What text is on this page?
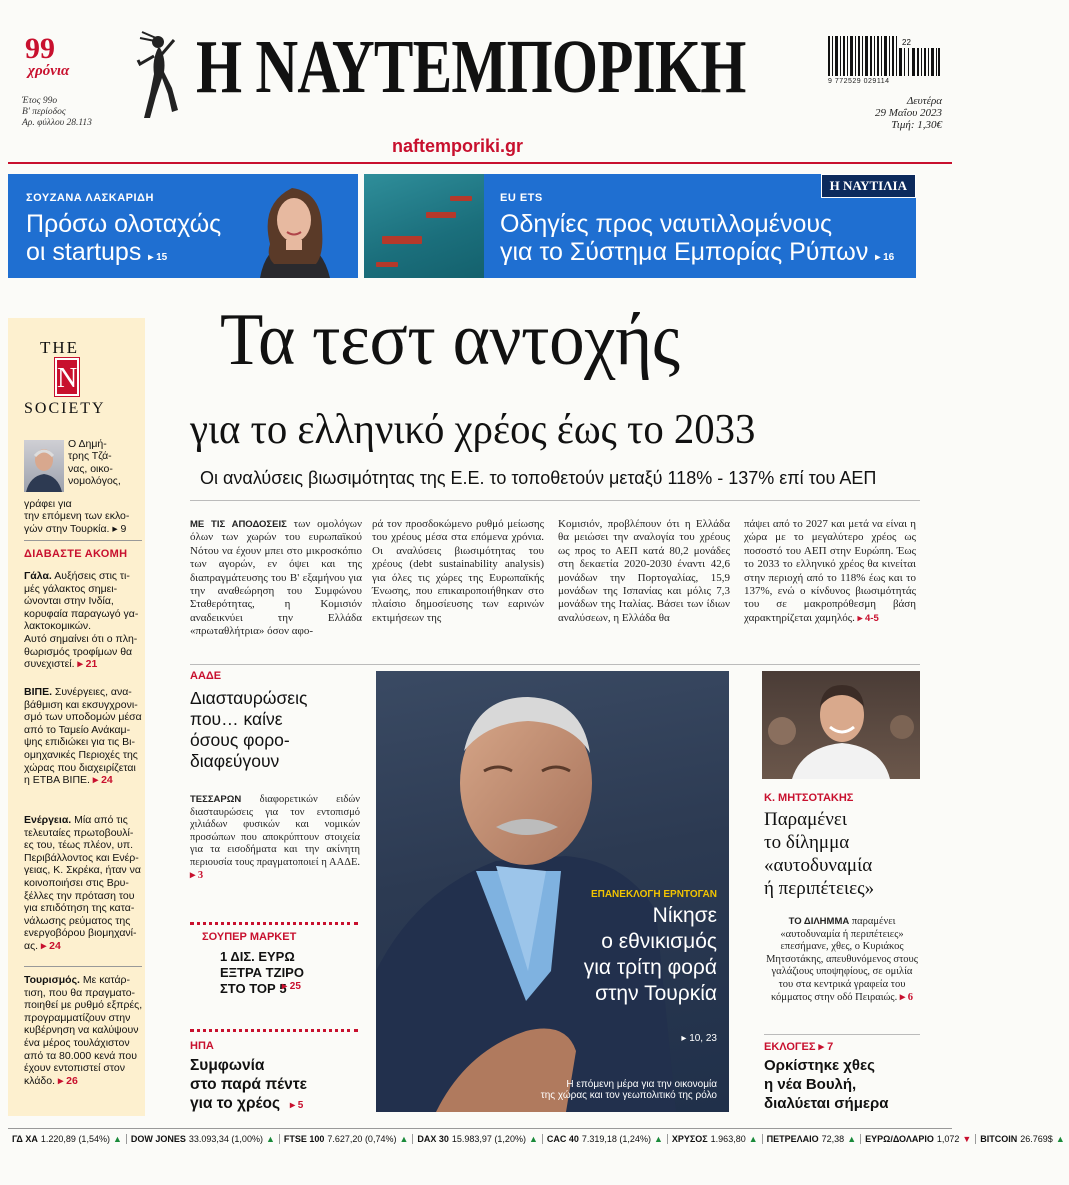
99
χρόνια
Έτος 99ο
Β' περίοδος
Αρ. φύλλου 28.113
Η ΝΑΥΤΕΜΠΟΡΙΚΗ	22
9 772529 029114
Δευτέρα
29 Μαΐου 2023
Τιμή: 1,30€
naftemporiki.gr
ΣΟΥΖΑΝΑ ΛΑΣΚΑΡΙΔΗ
Πρόσω ολοταχώς
οι startups ▸ 15
EU ETS
Οδηγίες προς ναυτιλλομένους
για το Σύστημα Εμπορίας Ρύπων ▸ 16
Η ΝΑΥΤΙΛΙΑ
THE
N
SOCIETY
Ο Δημή-
τρης Τζά-
νας, οικο-
νομολόγος,
γράφει για
την επόμενη των εκλο-
γών στην Τουρκία. ▸ 9
ΔΙΑΒΑΣΤΕ ΑΚΟΜΗ
Γάλα. Αυξήσεις στις τι-
μές γάλακτος σημει-
ώνονται στην Ινδία,
κορυφαία παραγωγό γα-
λακτοκομικών.
Αυτό σημαίνει ότι ο πλη-
θωρισμός τροφίμων θα
συνεχιστεί. ▸ 21
ΒΙΠΕ. Συνέργειες, ανα-
βάθμιση και εκσυγχρονι-
σμό των υποδομών μέσα
από το Ταμείο Ανάκαμ-
ψης επιδιώκει για τις Βι-
ομηχανικές Περιοχές της
χώρας που διαχειρίζεται
η ΕΤΒΑ ΒΙΠΕ. ▸ 24
Ενέργεια. Μία από τις
τελευταίες πρωτοβουλί-
ες του, τέως πλέον, υπ.
Περιβάλλοντος και Ενέρ-
γειας, Κ. Σκρέκα, ήταν να
κοινοποιήσει στις Βρυ-
ξέλλες την πρόταση του
για επιδότηση της κατα-
νάλωσης ρεύματος της
ενεργοβόρου βιομηχανί-
ας. ▸ 24
Τουρισμός. Με κατάρ-
τιση, που θα πραγματο-
ποιηθεί με ρυθμό εξπρές,
προγραμματίζουν στην
κυβέρνηση να καλύψουν
ένα μέρος τουλάχιστον
από τα 80.000 κενά που
έχουν εντοπιστεί στον
κλάδο. ▸ 26
Τα τεστ αντοχής
για το ελληνικό χρέος έως το 2033
Οι αναλύσεις βιωσιμότητας της Ε.Ε. το τοποθετούν μεταξύ 118% - 137% επί του ΑΕΠ
ΜΕ ΤΙΣ ΑΠΟΔΟΣΕΙΣ των ομολόγων όλων των χωρών του ευρωπαϊκού Νότου να έχουν μπει στο μικροσκόπιο των αγορών, εν όψει και της διαπραγμάτευσης του Β' εξαμήνου για την αναθεώρηση του Συμφώνου Σταθερότητας, η Κομισιόν αναδεικνύει την Ελλάδα «πρωταθλήτρια» όσον αφο-
ρά τον προσδοκώμενο ρυθμό μείωσης του χρέους μέσα στα επόμενα χρόνια. Οι αναλύσεις βιωσιμότητας του χρέους (debt sustainability analysis) για όλες τις χώρες της Ευρωπαϊκής Ένωσης, που επικαιροποιήθηκαν στο πλαίσιο δημοσίευσης των εαρινών εκτιμήσεων της
Κομισιόν, προβλέπουν ότι η Ελλάδα θα μειώσει την αναλογία του χρέους ως προς το ΑΕΠ κατά 80,2 μονάδες στη δεκαετία 2020-2030 έναντι 42,6 μονάδων την Πορτογαλίας, 15,9 μονάδων της Ισπανίας και μόλις 7,3 μονάδων της Ιταλίας. Βάσει των ίδιων αναλύσεων, η Ελλάδα θα
πάψει από το 2027 και μετά να είναι η χώρα με το μεγαλύτερο χρέος ως ποσοστό του ΑΕΠ στην Ευρώπη. Έως το 2033 το ελληνικό χρέος θα κινείται στην περιοχή από το 118% έως και το 137%, ενώ ο κίνδυνος βιωσιμότητάς του σε μακροπρόθεσμη βάση χαρακτηρίζεται χαμηλός. ▸ 4-5
ΑΑΔΕ
Διασταυρώσεις
που… καίνε
όσους φορο-
διαφεύγουν
ΤΕΣΣΑΡΩΝ διαφορετικών ειδών διασταυρώσεις για τον εντοπισμό χιλιάδων φυσικών και νομικών προσώπων που αποκρύπτουν στοιχεία για τα εισοδήματα και την ακίνητη περιουσία τους πραγματοποιεί η ΑΑΔΕ. ▸ 3
ΣΟΥΠΕΡ ΜΑΡΚΕΤ
1 ΔΙΣ. ΕΥΡΩ
ΕΞΤΡΑ ΤΖΙΡΟ
ΣΤΟ ΤΟΡ 5
▸ 25
ΗΠΑ
Συμφωνία
στο παρά πέντε
για το χρέος ▸ 5
ΕΠΑΝΕΚΛΟΓΗ ΕΡΝΤΟΓΑΝ
Νίκησε
ο εθνικισμός
για τρίτη φορά
στην Τουρκία
▸ 10, 23
Η επόμενη μέρα για την οικονομία
της χώρας και τον γεωπολιτικό της ρόλο
Κ. ΜΗΤΣΟΤΑΚΗΣ
Παραμένει
το δίλημμα
«αυτοδυναμία
ή περιπέτειες»
ΤΟ ΔΙΛΗΜΜΑ παραμένει «αυτοδυναμία ή περιπέτειες» επεσήμανε, χθες, ο Κυριάκος Μητσοτάκης, απευθυνόμενος στους γαλάζιους υποψηφίους, σε ομιλία του στα κεντρικά γραφεία του κόμματος στην οδό Πειραιώς. ▸ 6
ΕΚΛΟΓΕΣ ▸ 7
Ορκίστηκε χθες
η νέα Βουλή,
διαλύεται σήμερα
ΓΔ ΧΑ 1.220,89 (1,54%) ▲ DOW JONES 33.093,34 (1,00%) ▲ FTSE 100 7.627,20 (0,74%) ▲ DAX 30 15.983,97 (1,20%) ▲ CAC 40 7.319,18 (1,24%) ▲ ΧΡΥΣΟΣ 1.963,80 ▲ ΠΕΤΡΕΛΑΙΟ 72,38 ▲ ΕΥΡΩ/ΔΟΛΑΡΙΟ 1,072 ▼ BITCOIN 26.769$ ▲
